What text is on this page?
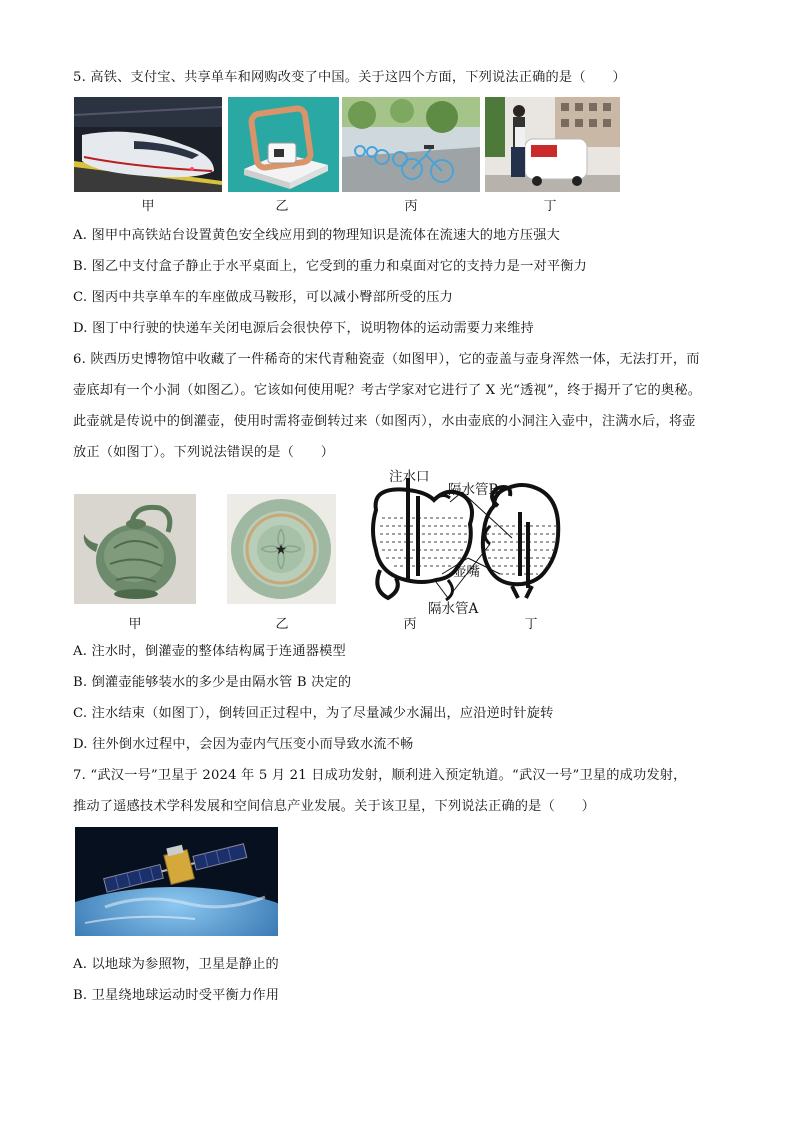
5. 高铁、支付宝、共享单车和网购改变了中国。关于这四个方面，下列说法正确的是（　　）
甲	乙	丙	丁
A. 图甲中高铁站台设置黄色安全线应用到的物理知识是流体在流速大的地方压强大
B. 图乙中支付盒子静止于水平桌面上，它受到的重力和桌面对它的支持力是一对平衡力
C. 图丙中共享单车的车座做成马鞍形，可以减小臀部所受的压力
D. 图丁中行驶的快递车关闭电源后会很快停下，说明物体的运动需要力来维持
6. 陕西历史博物馆中收藏了一件稀奇的宋代青釉瓷壶（如图甲），它的壶盖与壶身浑然一体，无法打开，而
壶底却有一个小洞（如图乙）。它该如何使用呢？考古学家对它进行了 X 光“透视”，终于揭开了它的奥秘。
此壶就是传说中的倒灌壶，使用时需将壶倒转过来（如图丙），水由壶底的小洞注入壶中，注满水后，将壶
放正（如图丁）。下列说法错误的是（　　）
★
注水口
隔水管B
壶嘴
隔水管A
甲	乙	丙	丁
A. 注水时，倒灌壶的整体结构属于连通器模型
B. 倒灌壶能够装水的多少是由隔水管 B 决定的
C. 注水结束（如图丁），倒转回正过程中，为了尽量减少水漏出，应沿逆时针旋转
D. 往外倒水过程中，会因为壶内气压变小而导致水流不畅
7. “武汉一号”卫星于 2024 年 5 月 21 日成功发射，顺利进入预定轨道。“武汉一号”卫星的成功发射，
推动了遥感技术学科发展和空间信息产业发展。关于该卫星，下列说法正确的是（　　）
A. 以地球为参照物，卫星是静止的
B. 卫星绕地球运动时受平衡力作用
